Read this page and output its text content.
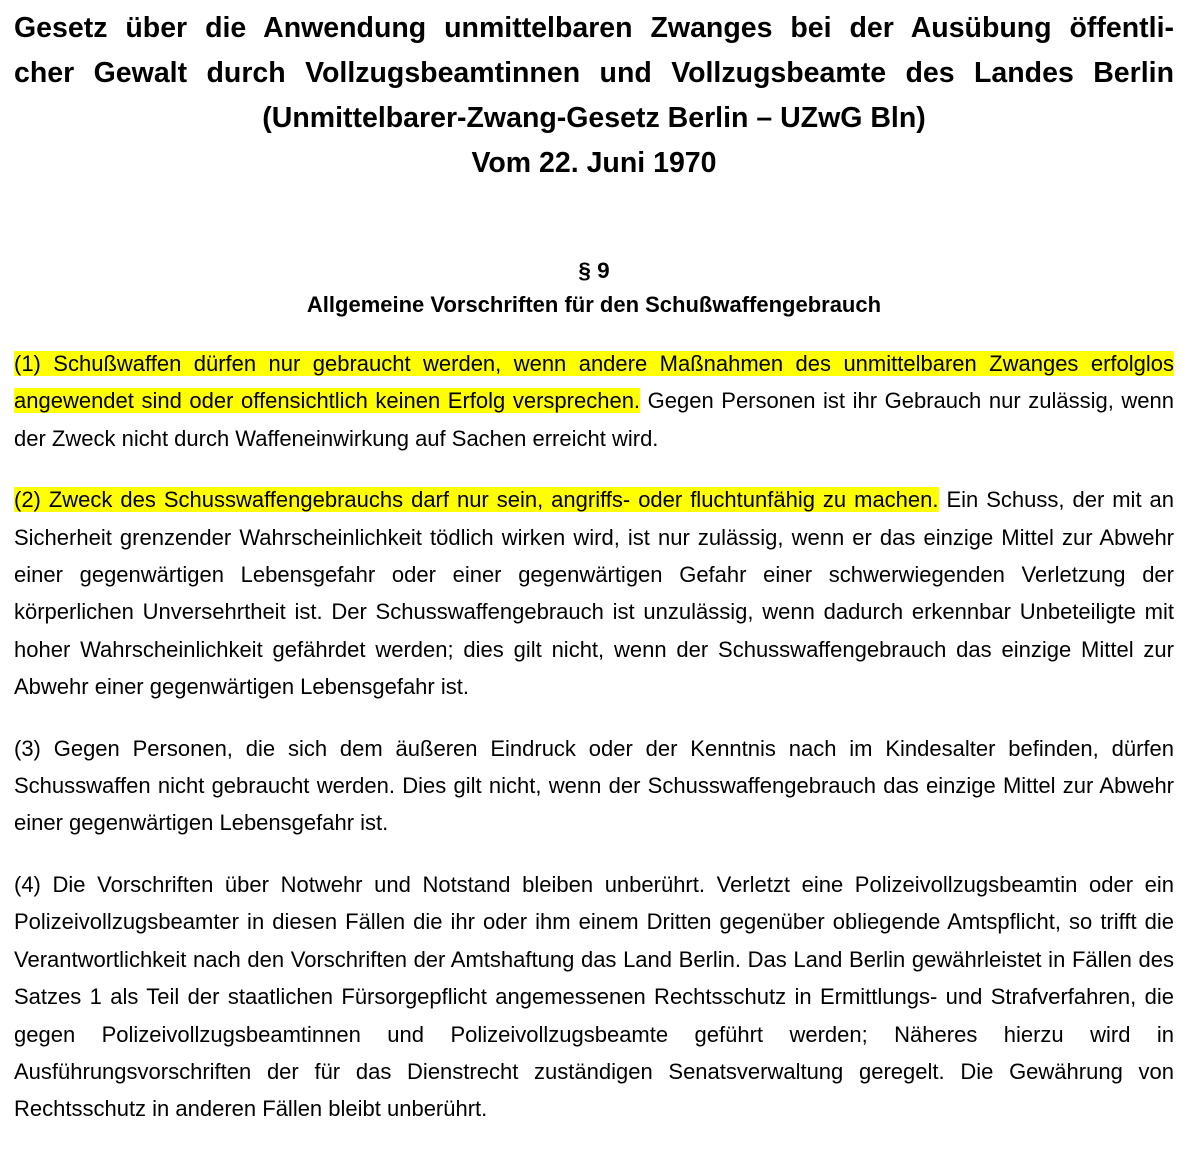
Gesetz über die Anwendung unmittelbaren Zwanges bei der Ausübung öffentli-
cher Gewalt durch Vollzugsbeamtinnen und Vollzugsbeamte des Landes Berlin
(Unmittelbarer-Zwang-Gesetz Berlin – UZwG Bln)
Vom 22. Juni 1970
§ 9
Allgemeine Vorschriften für den Schußwaffengebrauch

(1) Schußwaffen dürfen nur gebraucht werden, wenn andere Maßnahmen des unmittelbaren Zwanges erfolglos angewendet sind oder offensichtlich keinen Erfolg versprechen. Gegen Personen ist ihr Gebrauch nur zulässig, wenn der Zweck nicht durch Waffeneinwirkung auf Sachen erreicht wird.

(2) Zweck des Schusswaffengebrauchs darf nur sein, angriffs- oder fluchtunfähig zu machen. Ein Schuss, der mit an Sicherheit grenzender Wahrscheinlichkeit tödlich wirken wird, ist nur zulässig, wenn er das einzige Mittel zur Abwehr einer gegenwärtigen Lebensgefahr oder einer gegenwärtigen Gefahr einer schwerwiegenden Verletzung der körperlichen Unversehrtheit ist. Der Schusswaffengebrauch ist unzulässig, wenn dadurch erkennbar Unbeteiligte mit hoher Wahrscheinlichkeit gefährdet werden; dies gilt nicht, wenn der Schusswaffengebrauch das einzige Mittel zur Abwehr einer gegenwärtigen Lebensgefahr ist.

(3) Gegen Personen, die sich dem äußeren Eindruck oder der Kenntnis nach im Kindesalter befinden, dürfen Schusswaffen nicht gebraucht werden. Dies gilt nicht, wenn der Schusswaffengebrauch das einzige Mittel zur Abwehr einer gegenwärtigen Lebensgefahr ist.

(4) Die Vorschriften über Notwehr und Notstand bleiben unberührt. Verletzt eine Polizeivollzugsbeamtin oder ein Polizeivollzugsbeamter in diesen Fällen die ihr oder ihm einem Dritten gegenüber obliegende Amtspflicht, so trifft die Verantwortlichkeit nach den Vorschriften der Amtshaftung das Land Berlin. Das Land Berlin gewährleistet in Fällen des Satzes 1 als Teil der staatlichen Fürsorgepflicht angemessenen Rechtsschutz in Ermittlungs- und Strafverfahren, die gegen Polizeivollzugsbeamtinnen und Polizeivollzugsbeamte geführt werden; Näheres hierzu wird in Ausführungsvorschriften der für das Dienstrecht zuständigen Senatsverwaltung geregelt. Die Gewährung von Rechtsschutz in anderen Fällen bleibt unberührt.
